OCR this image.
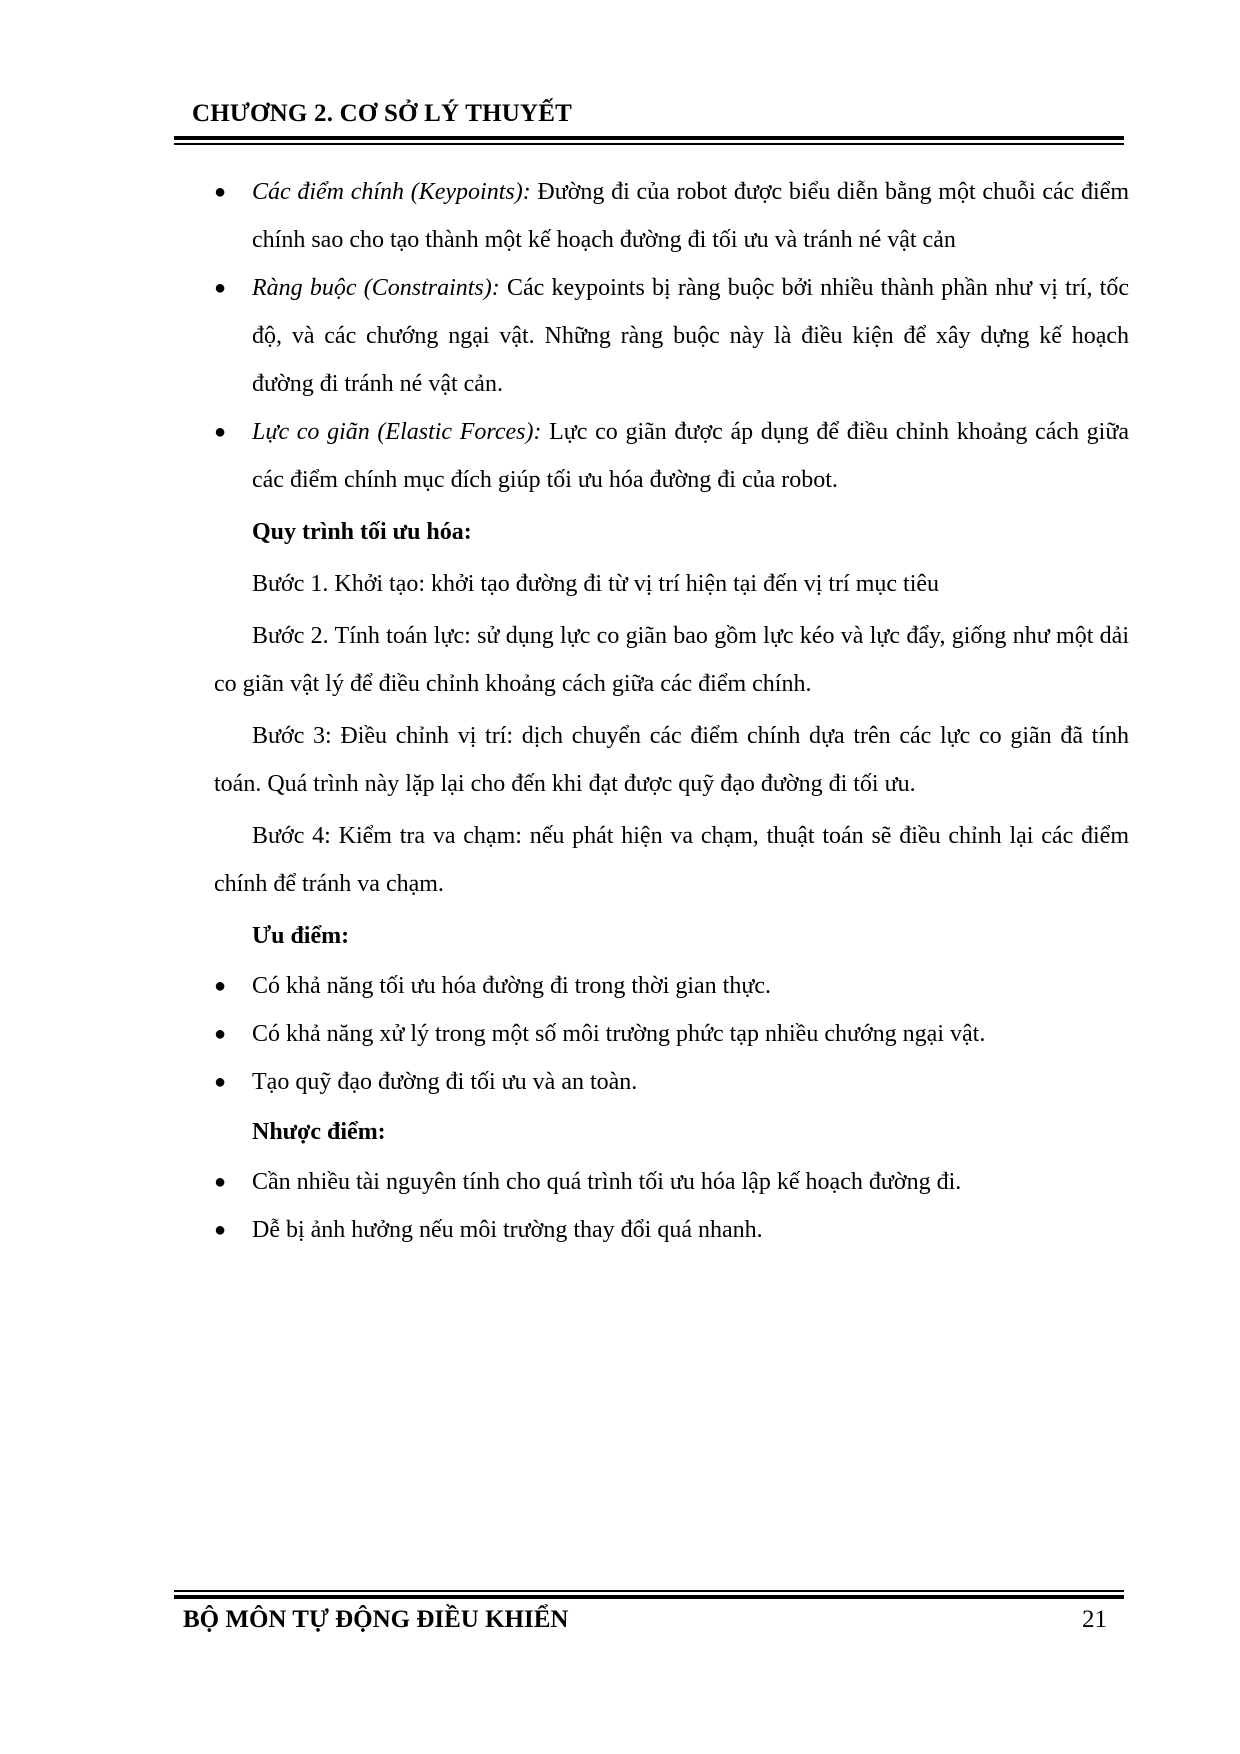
CHƯƠNG 2. CƠ SỞ LÝ THUYẾT
● Các điểm chính (Keypoints): Đường đi của robot được biểu diễn bằng một chuỗi các điểm chính sao cho tạo thành một kế hoạch đường đi tối ưu và tránh né vật cản
● Ràng buộc (Constraints): Các keypoints bị ràng buộc bởi nhiều thành phần như vị trí, tốc độ, và các chướng ngại vật. Những ràng buộc này là điều kiện để xây dựng kế hoạch đường đi tránh né vật cản.
● Lực co giãn (Elastic Forces): Lực co giãn được áp dụng để điều chỉnh khoảng cách giữa các điểm chính mục đích giúp tối ưu hóa đường đi của robot.
Quy trình tối ưu hóa:

Bước 1. Khởi tạo: khởi tạo đường đi từ vị trí hiện tại đến vị trí mục tiêu

Bước 2. Tính toán lực: sử dụng lực co giãn bao gồm lực kéo và lực đẩy, giống như một dải co giãn vật lý để điều chỉnh khoảng cách giữa các điểm chính.

Bước 3: Điều chỉnh vị trí: dịch chuyển các điểm chính dựa trên các lực co giãn đã tính toán. Quá trình này lặp lại cho đến khi đạt được quỹ đạo đường đi tối ưu.

Bước 4: Kiểm tra va chạm: nếu phát hiện va chạm, thuật toán sẽ điều chỉnh lại các điểm chính để tránh va chạm.

Ưu điểm:
● Có khả năng tối ưu hóa đường đi trong thời gian thực.
● Có khả năng xử lý trong một số môi trường phức tạp nhiều chướng ngại vật.
● Tạo quỹ đạo đường đi tối ưu và an toàn.
Nhược điểm:
● Cần nhiều tài nguyên tính cho quá trình tối ưu hóa lập kế hoạch đường đi.
● Dễ bị ảnh hưởng nếu môi trường thay đổi quá nhanh.
BỘ MÔN TỰ ĐỘNG ĐIỀU KHIỂN	21
